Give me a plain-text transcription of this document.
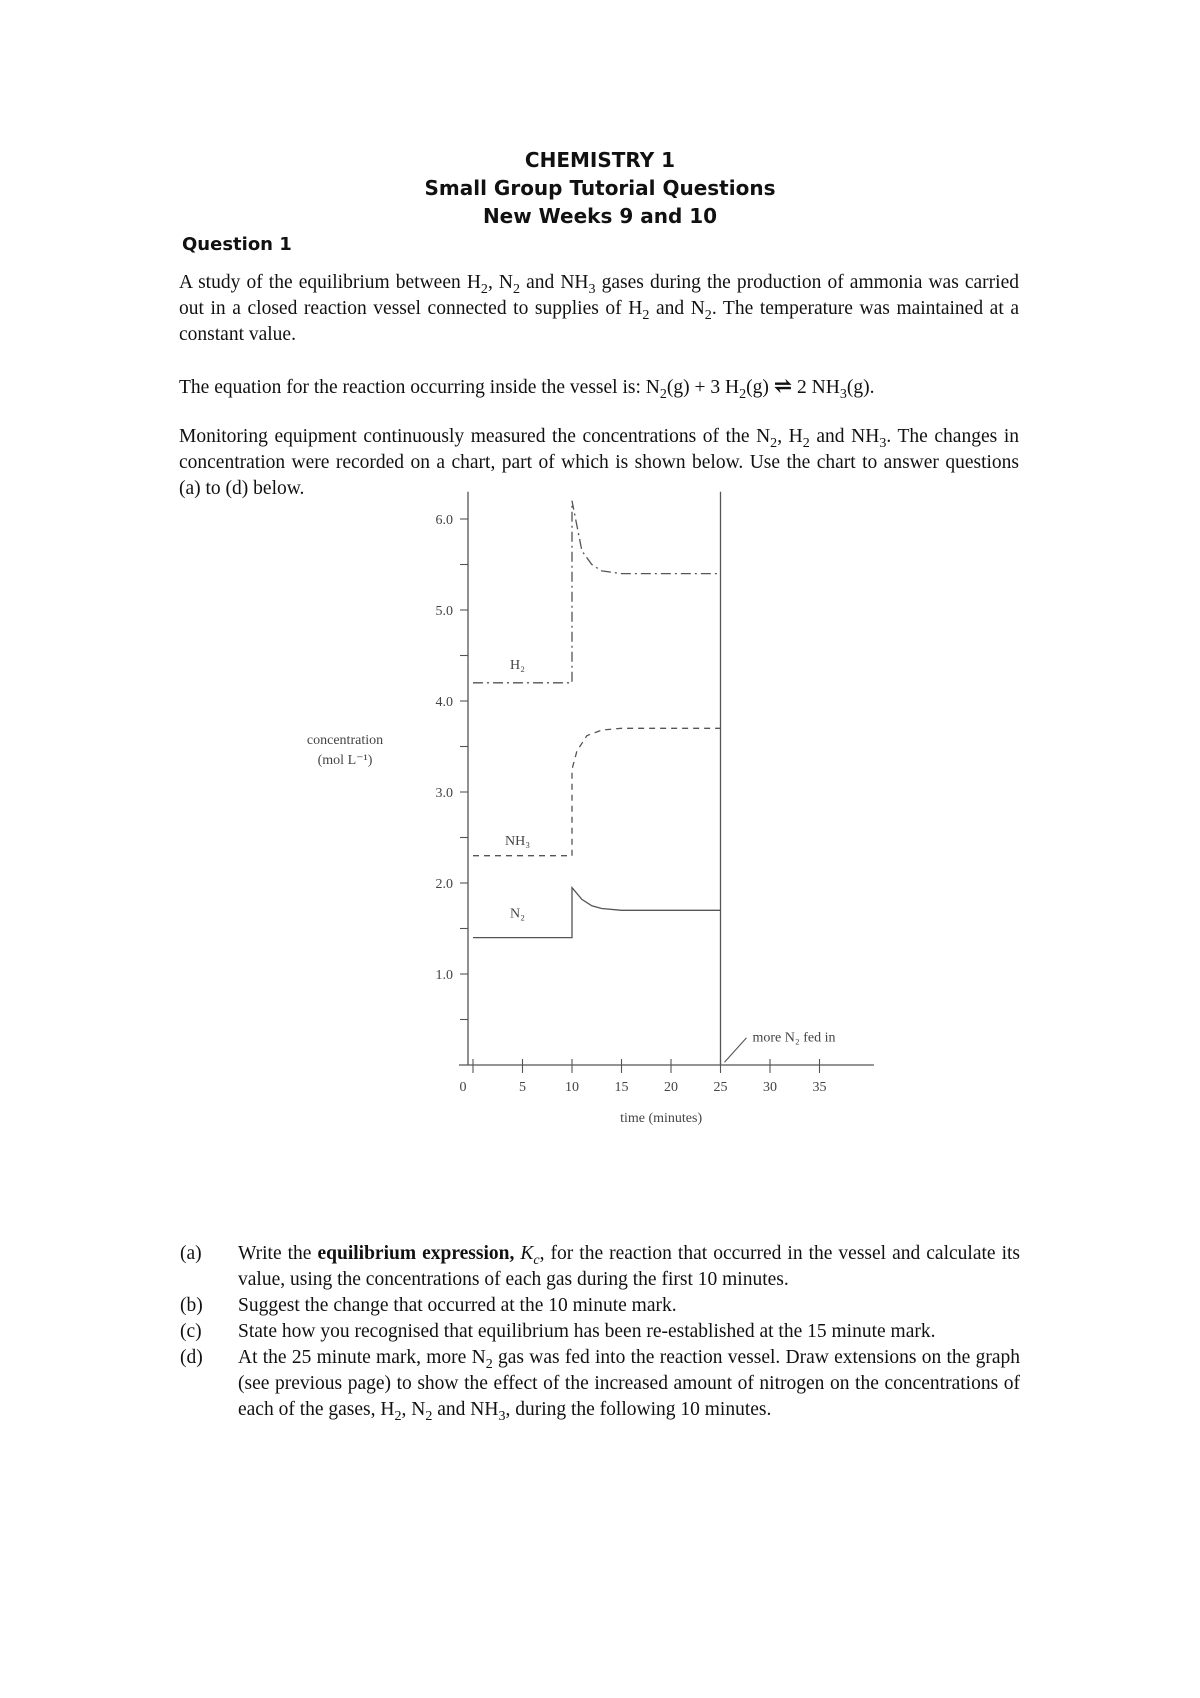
CHEMISTRY 1
Small Group Tutorial Questions
New Weeks 9 and 10
Question 1
A study of the equilibrium between $H_2$, $N_2$ and $NH_3$ gases during the production of ammonia was carried out in a closed reaction vessel connected to supplies of $H_2$ and $N_2$. The temperature was maintained at a constant value.
The equation for the reaction occurring inside the vessel is: $N_2(g) + 3$ $H_2(g)$ ⇌ 2 $NH_3(g)$.
Monitoring equipment continuously measured the concentrations of the $N_2$, $H_2$ and $NH_3$. The changes in concentration were recorded on a chart, part of which is shown below. Use the chart to answer questions (a) to (d) below.
1.0
2.0
3.0
4.0
5.0
6.0
0	5	10	15	20	25	30	35
H₂
NH₃
N₂
concentration
(mol L⁻¹)
time (minutes)
more N₂ fed in
(a)	Write the equilibrium expression, $K_c$, for the reaction that occurred in the vessel and calculate its value, using the concentrations of each gas during the first 10 minutes.
(b)	Suggest the change that occurred at the 10 minute mark.
(c)	State how you recognised that equilibrium has been re-established at the 15 minute mark.
(d)	At the 25 minute mark, more $N_2$ gas was fed into the reaction vessel. Draw extensions on the graph (see previous page) to show the effect of the increased amount of nitrogen on the concentrations of each of the gases, $H_2$, $N_2$ and $NH_3$, during the following 10 minutes.
